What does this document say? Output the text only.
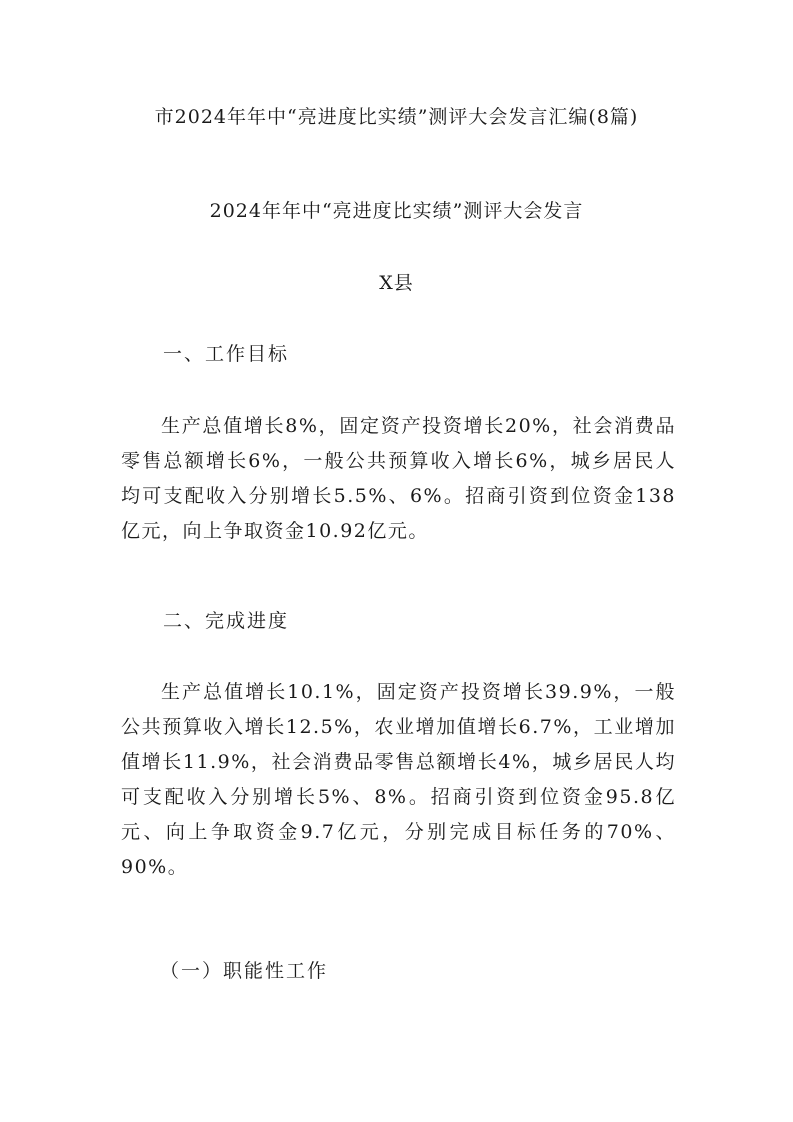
市2024年年中“亮进度比实绩”测评大会发言汇编(8篇)
2024年年中“亮进度比实绩”测评大会发言
X县
一、工作目标

生产总值增长8%，固定资产投资增长20%，社会消费品零售总额增长6%，一般公共预算收入增长6%，城乡居民人均可支配收入分别增长5.5%、6%。招商引资到位资金138亿元，向上争取资金10.92亿元。

二、完成进度

生产总值增长10.1%，固定资产投资增长39.9%，一般公共预算收入增长12.5%，农业增加值增长6.7%，工业增加值增长11.9%，社会消费品零售总额增长4%，城乡居民人均可支配收入分别增长5%、8%。招商引资到位资金95.8亿元、向上争取资金9.7亿元，分别完成目标任务的70%、90%。

（一）职能性工作
